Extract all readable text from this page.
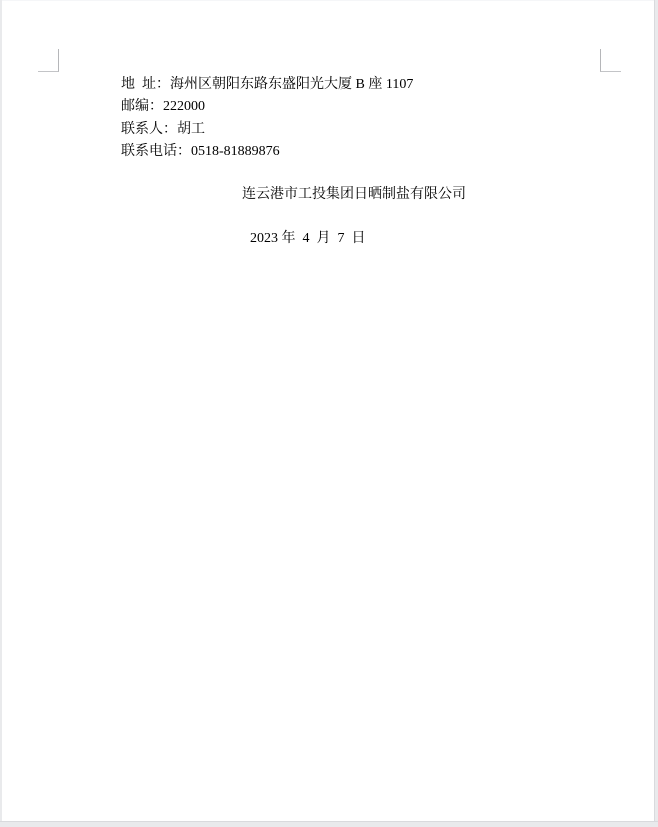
地  址：海州区朝阳东路东盛阳光大厦 B 座 1107
邮编：222000
联系人：胡工
联系电话：0518-81889876
连云港市工投集团日晒制盐有限公司
2023 年  4  月  7  日
